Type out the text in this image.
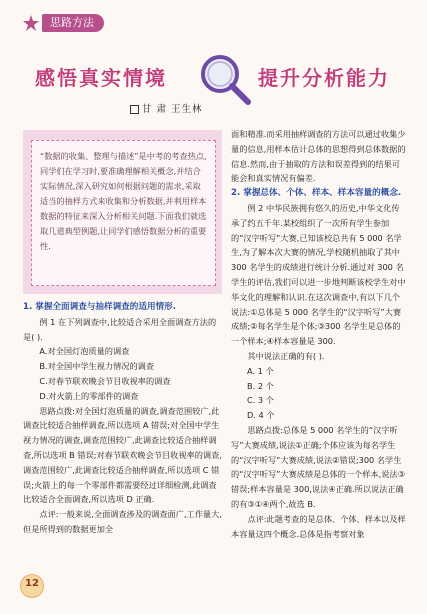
思路方法
感悟真实情境	提升分析能力
甘 肃 王生林
“数据的收集、整理与描述”是中考的考查热点,同学们在学习时,要准确理解相关概念,并结合实际情况,深入研究如何根据问题的需求,采取适当的抽样方式来收集和分析数据,并利用样本数据的特征来深入分析相关问题.下面我们就选取几道典型例题,让同学们感悟数据分析的重要性.
1. 掌握全面调查与抽样调查的适用情形.

例 1 在下列调查中,比较适合采用全面调查方法的是( ).

A.对全国灯泡质量的调查

B.对全国中学生视力情况的调查

C.对春节联欢晚会节目收视率的调查

D.对火箭上的零部件的调查

思路点拨:对全国灯泡质量的调查,调查范围较广,此调查比较适合抽样调查,所以选项 A 错误;对全国中学生视力情况的调查,调查范围较广,此调查比较适合抽样调查,所以选项 B 错误;对春节联欢晚会节目收视率的调查,调查范围较广,此调查比较适合抽样调查,所以选项 C 错误;火箭上的每一个零部件都需要经过详细检测,此调查比较适合全面调查,所以选项 D 正确.

点评:一般来说,全面调查涉及的调查面广,工作量大,但是所得到的数据更加全

面和精准.而采用抽样调查的方法可以通过收集少量的信息,用样本估计总体的思想得到总体数据的信息.然而,由于抽取的方法和误差得到的结果可能会和真实情况有偏差.

2. 掌握总体、个体、样本、样本容量的概念.

例 2 中华民族拥有悠久的历史,中华文化传承了约五千年.某校组织了一次所有学生参加的“汉字听写”大赛,已知该校总共有 5 000 名学生,为了解本次大赛的情况,学校随机抽取了其中 300 名学生的成绩进行统计分析.通过对 300 名学生的评估,我们可以进一步地判断该校学生对中华文化的理解和认识.在这次调查中,有以下几个说法:①总体是 5 000 名学生的“汉字听写”大赛成绩;②每名学生是个体;③300 名学生是总体的一个样本;④样本容量是 300.

其中说法正确的有( ).

A. 1 个
B. 2 个
C. 3 个
D. 4 个

思路点拨:总体是 5 000 名学生的“汉字听写”大赛成绩,说法①正确;个体应该为每名学生的“汉字听写”大赛成绩,说法②错误;300 名学生的“汉字听写”大赛成绩是总体的一个样本,说法③错误;样本容量是 300,说法④正确.所以说法正确的有③①④两个,故选 B.

点评:此题考查的是总体、个体、样本以及样本容量这四个概念.总体是指考察对象

12
